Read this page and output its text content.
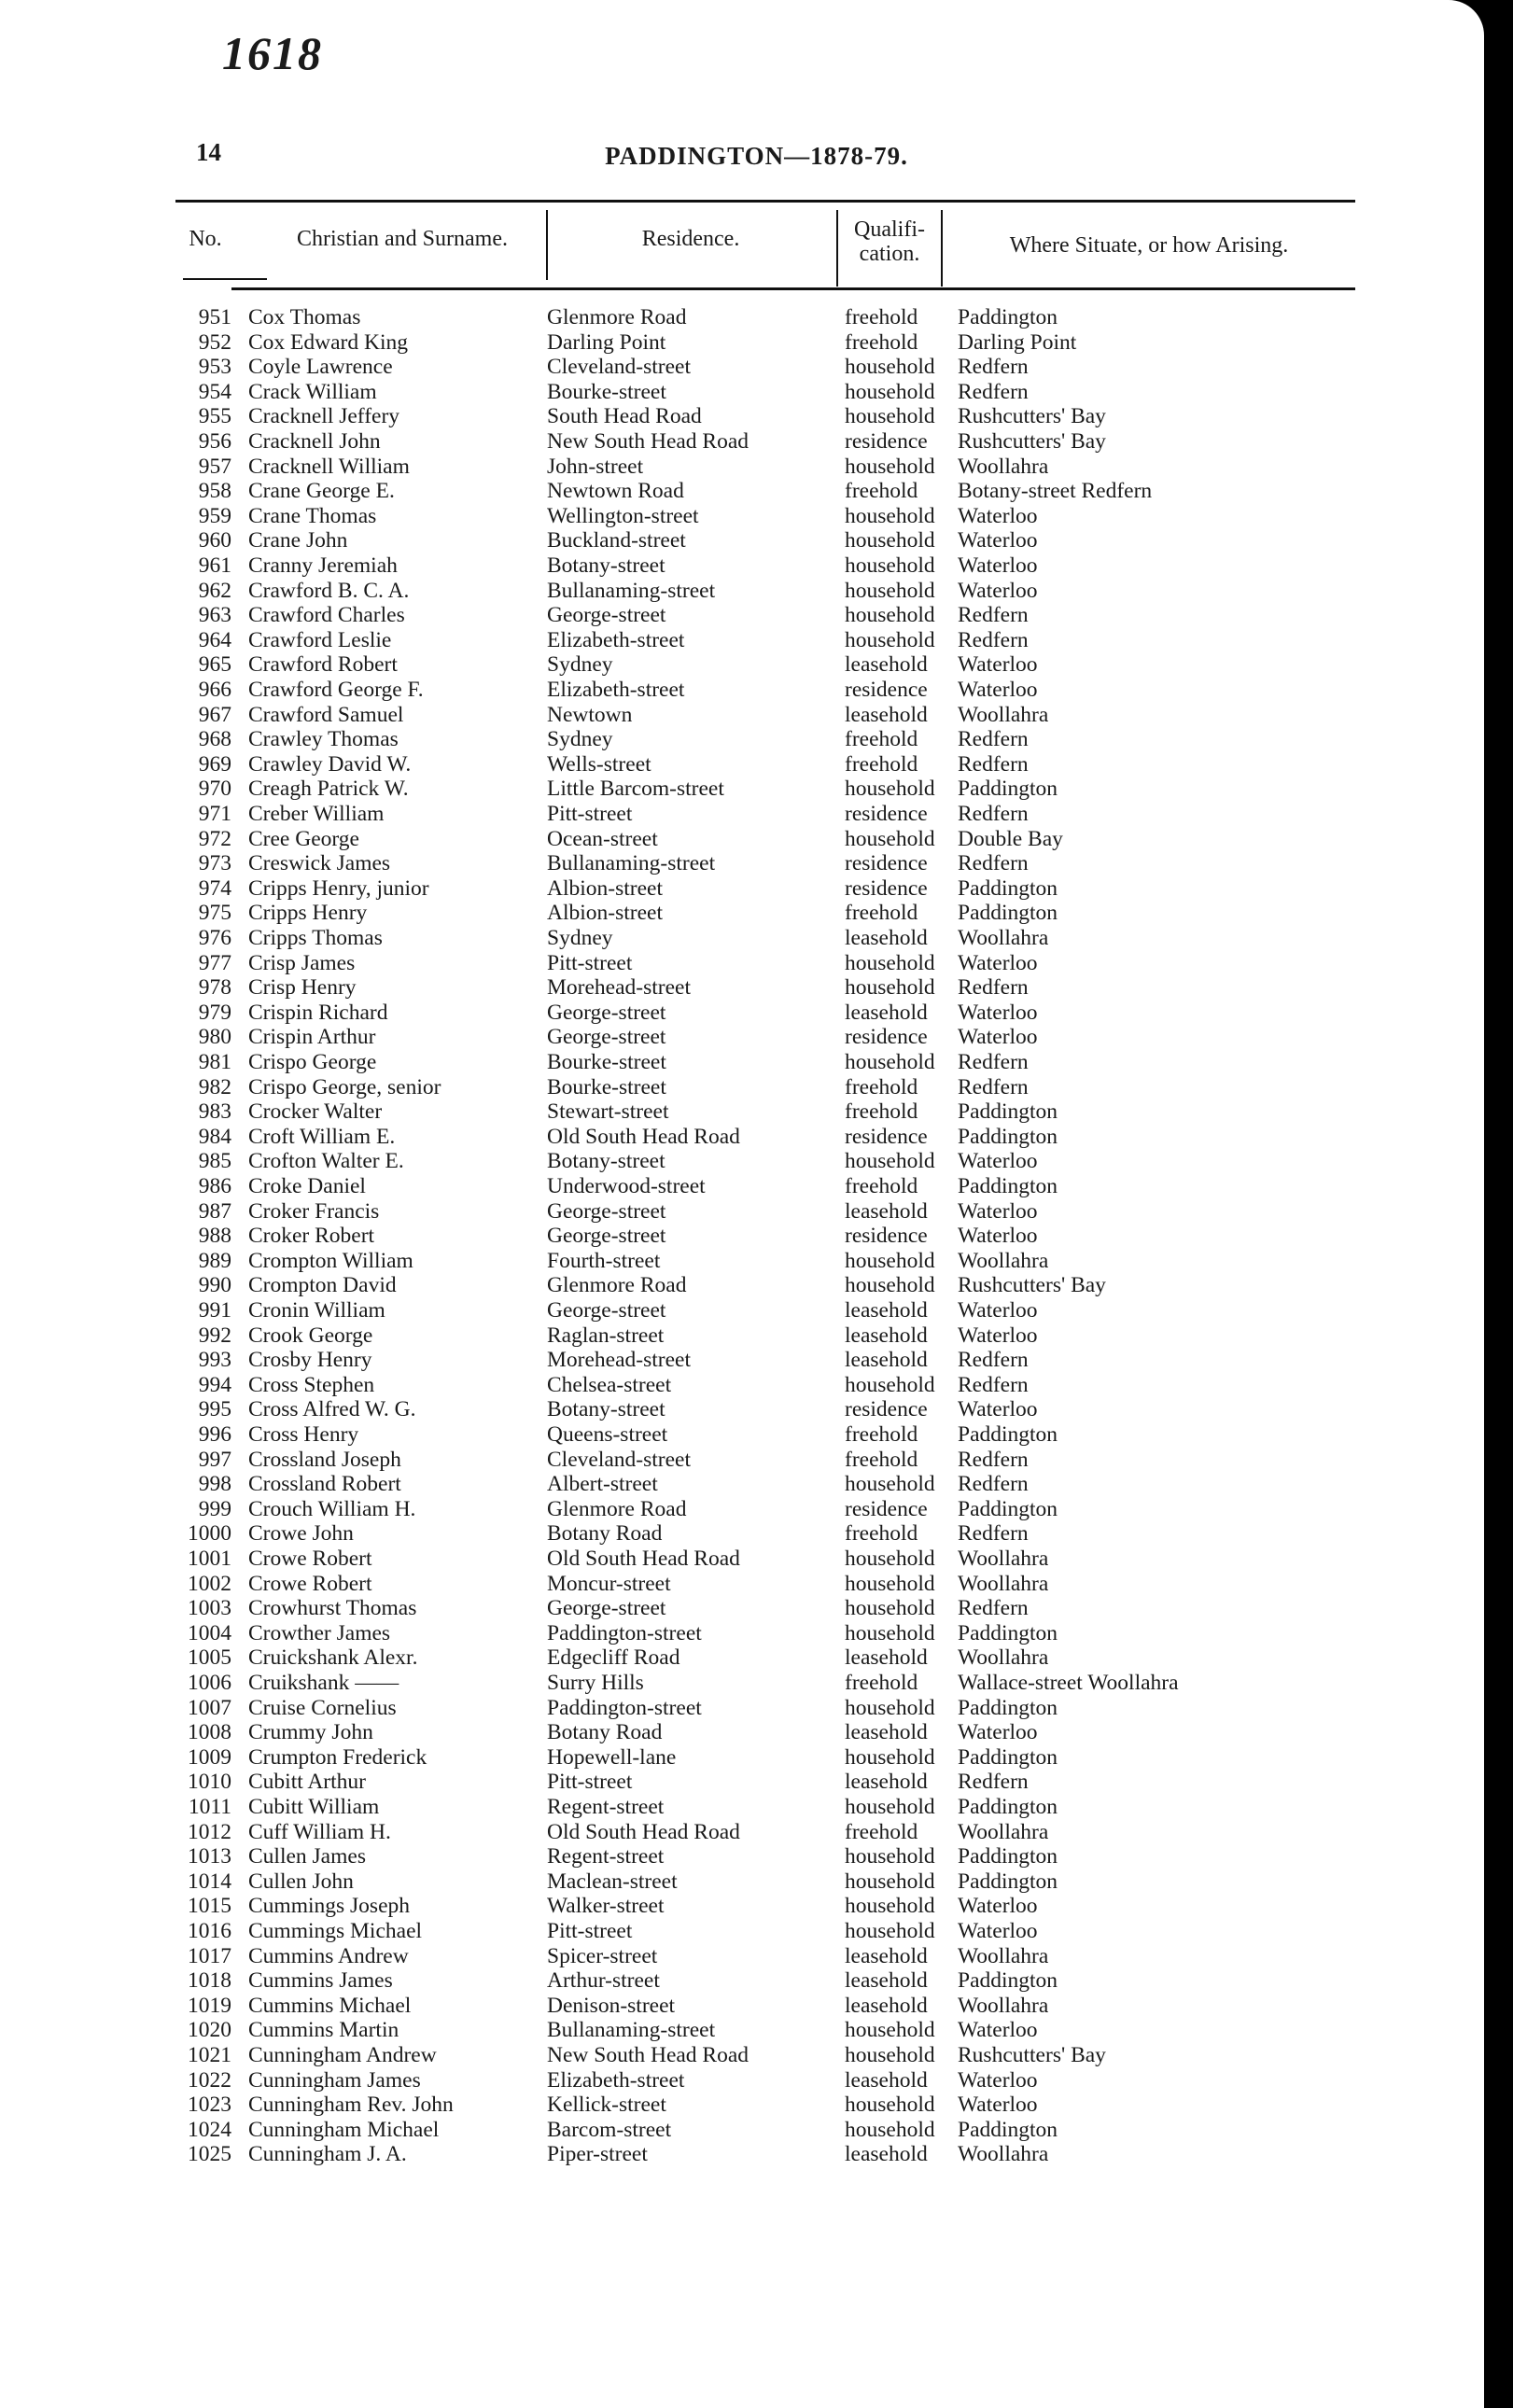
1618
14	PADDINGTON—1878-79.
No.	Christian and Surname.	Residence.	Qualifi- cation.	Where Situate, or how Arising.
951 Cox Thomas	Glenmore Road	freehold Paddington
952 Cox Edward King	Darling Point	freehold Darling Point
953 Coyle Lawrence	Cleveland-street	household Redfern
954 Crack William	Bourke-street	household Redfern
955 Cracknell Jeffery	South Head Road	household Rushcutters' Bay
956 Cracknell John	New South Head Road	residence Rushcutters' Bay
957 Cracknell William	John-street	household Woollahra
958 Crane George E.	Newtown Road	freehold Botany-street Redfern
959 Crane Thomas	Wellington-street	household Waterloo
960 Crane John	Buckland-street	household Waterloo
961 Cranny Jeremiah	Botany-street	household Waterloo
962 Crawford B. C. A.	Bullanaming-street	household Waterloo
963 Crawford Charles	George-street	household Redfern
964 Crawford Leslie	Elizabeth-street	household Redfern
965 Crawford Robert	Sydney	leasehold Waterloo
966 Crawford George F.	Elizabeth-street	residence Waterloo
967 Crawford Samuel	Newtown	leasehold Woollahra
968 Crawley Thomas	Sydney	freehold Redfern
969 Crawley David W.	Wells-street	freehold Redfern
970 Creagh Patrick W.	Little Barcom-street	household Paddington
971 Creber William	Pitt-street	residence Redfern
972 Cree George	Ocean-street	household Double Bay
973 Creswick James	Bullanaming-street	residence Redfern
974 Cripps Henry, junior	Albion-street	residence Paddington
975 Cripps Henry	Albion-street	freehold Paddington
976 Cripps Thomas	Sydney	leasehold Woollahra
977 Crisp James	Pitt-street	household Waterloo
978 Crisp Henry	Morehead-street	household Redfern
979 Crispin Richard	George-street	leasehold Waterloo
980 Crispin Arthur	George-street	residence Waterloo
981 Crispo George	Bourke-street	household Redfern
982 Crispo George, senior	Bourke-street	freehold Redfern
983 Crocker Walter	Stewart-street	freehold Paddington
984 Croft William E.	Old South Head Road	residence Paddington
985 Crofton Walter E.	Botany-street	household Waterloo
986 Croke Daniel	Underwood-street	freehold Paddington
987 Croker Francis	George-street	leasehold Waterloo
988 Croker Robert	George-street	residence Waterloo
989 Crompton William	Fourth-street	household Woollahra
990 Crompton David	Glenmore Road	household Rushcutters' Bay
991 Cronin William	George-street	leasehold Waterloo
992 Crook George	Raglan-street	leasehold Waterloo
993 Crosby Henry	Morehead-street	leasehold Redfern
994 Cross Stephen	Chelsea-street	household Redfern
995 Cross Alfred W. G.	Botany-street	residence Waterloo
996 Cross Henry	Queens-street	freehold Paddington
997 Crossland Joseph	Cleveland-street	freehold Redfern
998 Crossland Robert	Albert-street	household Redfern
999 Crouch William H.	Glenmore Road	residence Paddington
1000 Crowe John	Botany Road	freehold Redfern
1001 Crowe Robert	Old South Head Road	household Woollahra
1002 Crowe Robert	Moncur-street	household Woollahra
1003 Crowhurst Thomas	George-street	household Redfern
1004 Crowther James	Paddington-street	household Paddington
1005 Cruickshank Alexr.	Edgecliff Road	leasehold Woollahra
1006 Cruikshank ——	Surry Hills	freehold Wallace-street Woollahra
1007 Cruise Cornelius	Paddington-street	household Paddington
1008 Crummy John	Botany Road	leasehold Waterloo
1009 Crumpton Frederick	Hopewell-lane	household Paddington
1010 Cubitt Arthur	Pitt-street	leasehold Redfern
1011 Cubitt William	Regent-street	household Paddington
1012 Cuff William H.	Old South Head Road	freehold Woollahra
1013 Cullen James	Regent-street	household Paddington
1014 Cullen John	Maclean-street	household Paddington
1015 Cummings Joseph	Walker-street	household Waterloo
1016 Cummings Michael	Pitt-street	household Waterloo
1017 Cummins Andrew	Spicer-street	leasehold Woollahra
1018 Cummins James	Arthur-street	leasehold Paddington
1019 Cummins Michael	Denison-street	leasehold Woollahra
1020 Cummins Martin	Bullanaming-street	household Waterloo
1021 Cunningham Andrew	New South Head Road	household Rushcutters' Bay
1022 Cunningham James	Elizabeth-street	leasehold Waterloo
1023 Cunningham Rev. John	Kellick-street	household Waterloo
1024 Cunningham Michael	Barcom-street	household Paddington
1025 Cunningham J. A.	Piper-street	leasehold Woollahra
